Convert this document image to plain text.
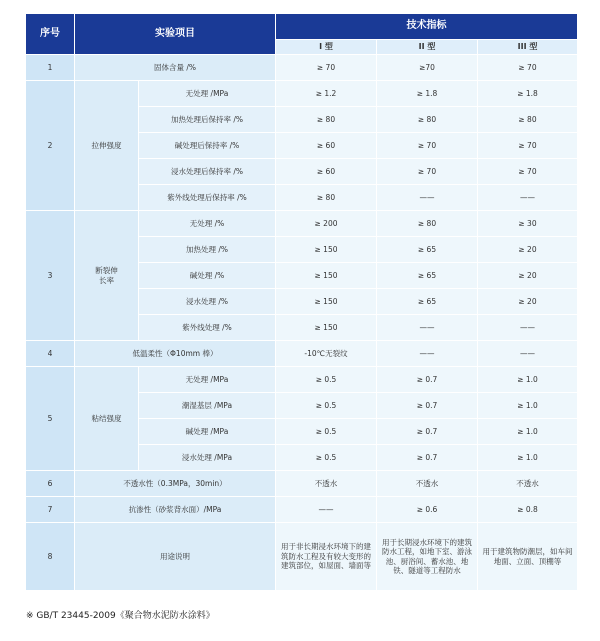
序号	实验项目		技术指标		
			I 型	II 型	III 型
1	固体含量 /%		≥ 70	≥70	≥ 70
2	拉伸强度	无处理 /MPa	≥ 1.2	≥ 1.8	≥ 1.8
		加热处理后保持率 /%	≥ 80	≥ 80	≥ 80
		碱处理后保持率 /%	≥ 60	≥ 70	≥ 70
		浸水处理后保持率 /%	≥ 60	≥ 70	≥ 70
		紫外线处理后保持率 /%	≥ 80	——	——
3	断裂伸长率	无处理 /%	≥ 200	≥ 80	≥ 30
		加热处理 /%	≥ 150	≥ 65	≥ 20
		碱处理 /%	≥ 150	≥ 65	≥ 20
		浸水处理 /%	≥ 150	≥ 65	≥ 20
		紫外线处理 /%	≥ 150	——	——
4	低温柔性（Φ10mm 棒）		-10℃无裂纹	——	——
5	粘结强度	无处理 /MPa	≥ 0.5	≥ 0.7	≥ 1.0
		潮湿基层 /MPa	≥ 0.5	≥ 0.7	≥ 1.0
		碱处理 /MPa	≥ 0.5	≥ 0.7	≥ 1.0
		浸水处理 /MPa	≥ 0.5	≥ 0.7	≥ 1.0
6	不透水性（0.3MPa，30min）		不透水	不透水	不透水
7	抗渗性（砂浆背水面）/MPa		——	≥ 0.6	≥ 0.8
8	用途说明		用于非长期浸水环境下的建筑防水工程及有较大变形的建筑部位，如屋面、墙面等	用于长期浸水环境下的建筑防水工程，如地下室、游泳池、厨浴间、蓄水池、地铁、隧道等工程防水	用于建筑物防潮层，如车间地面、立面、顶棚等
※ GB/T 23445-2009《聚合物水泥防水涂料》
